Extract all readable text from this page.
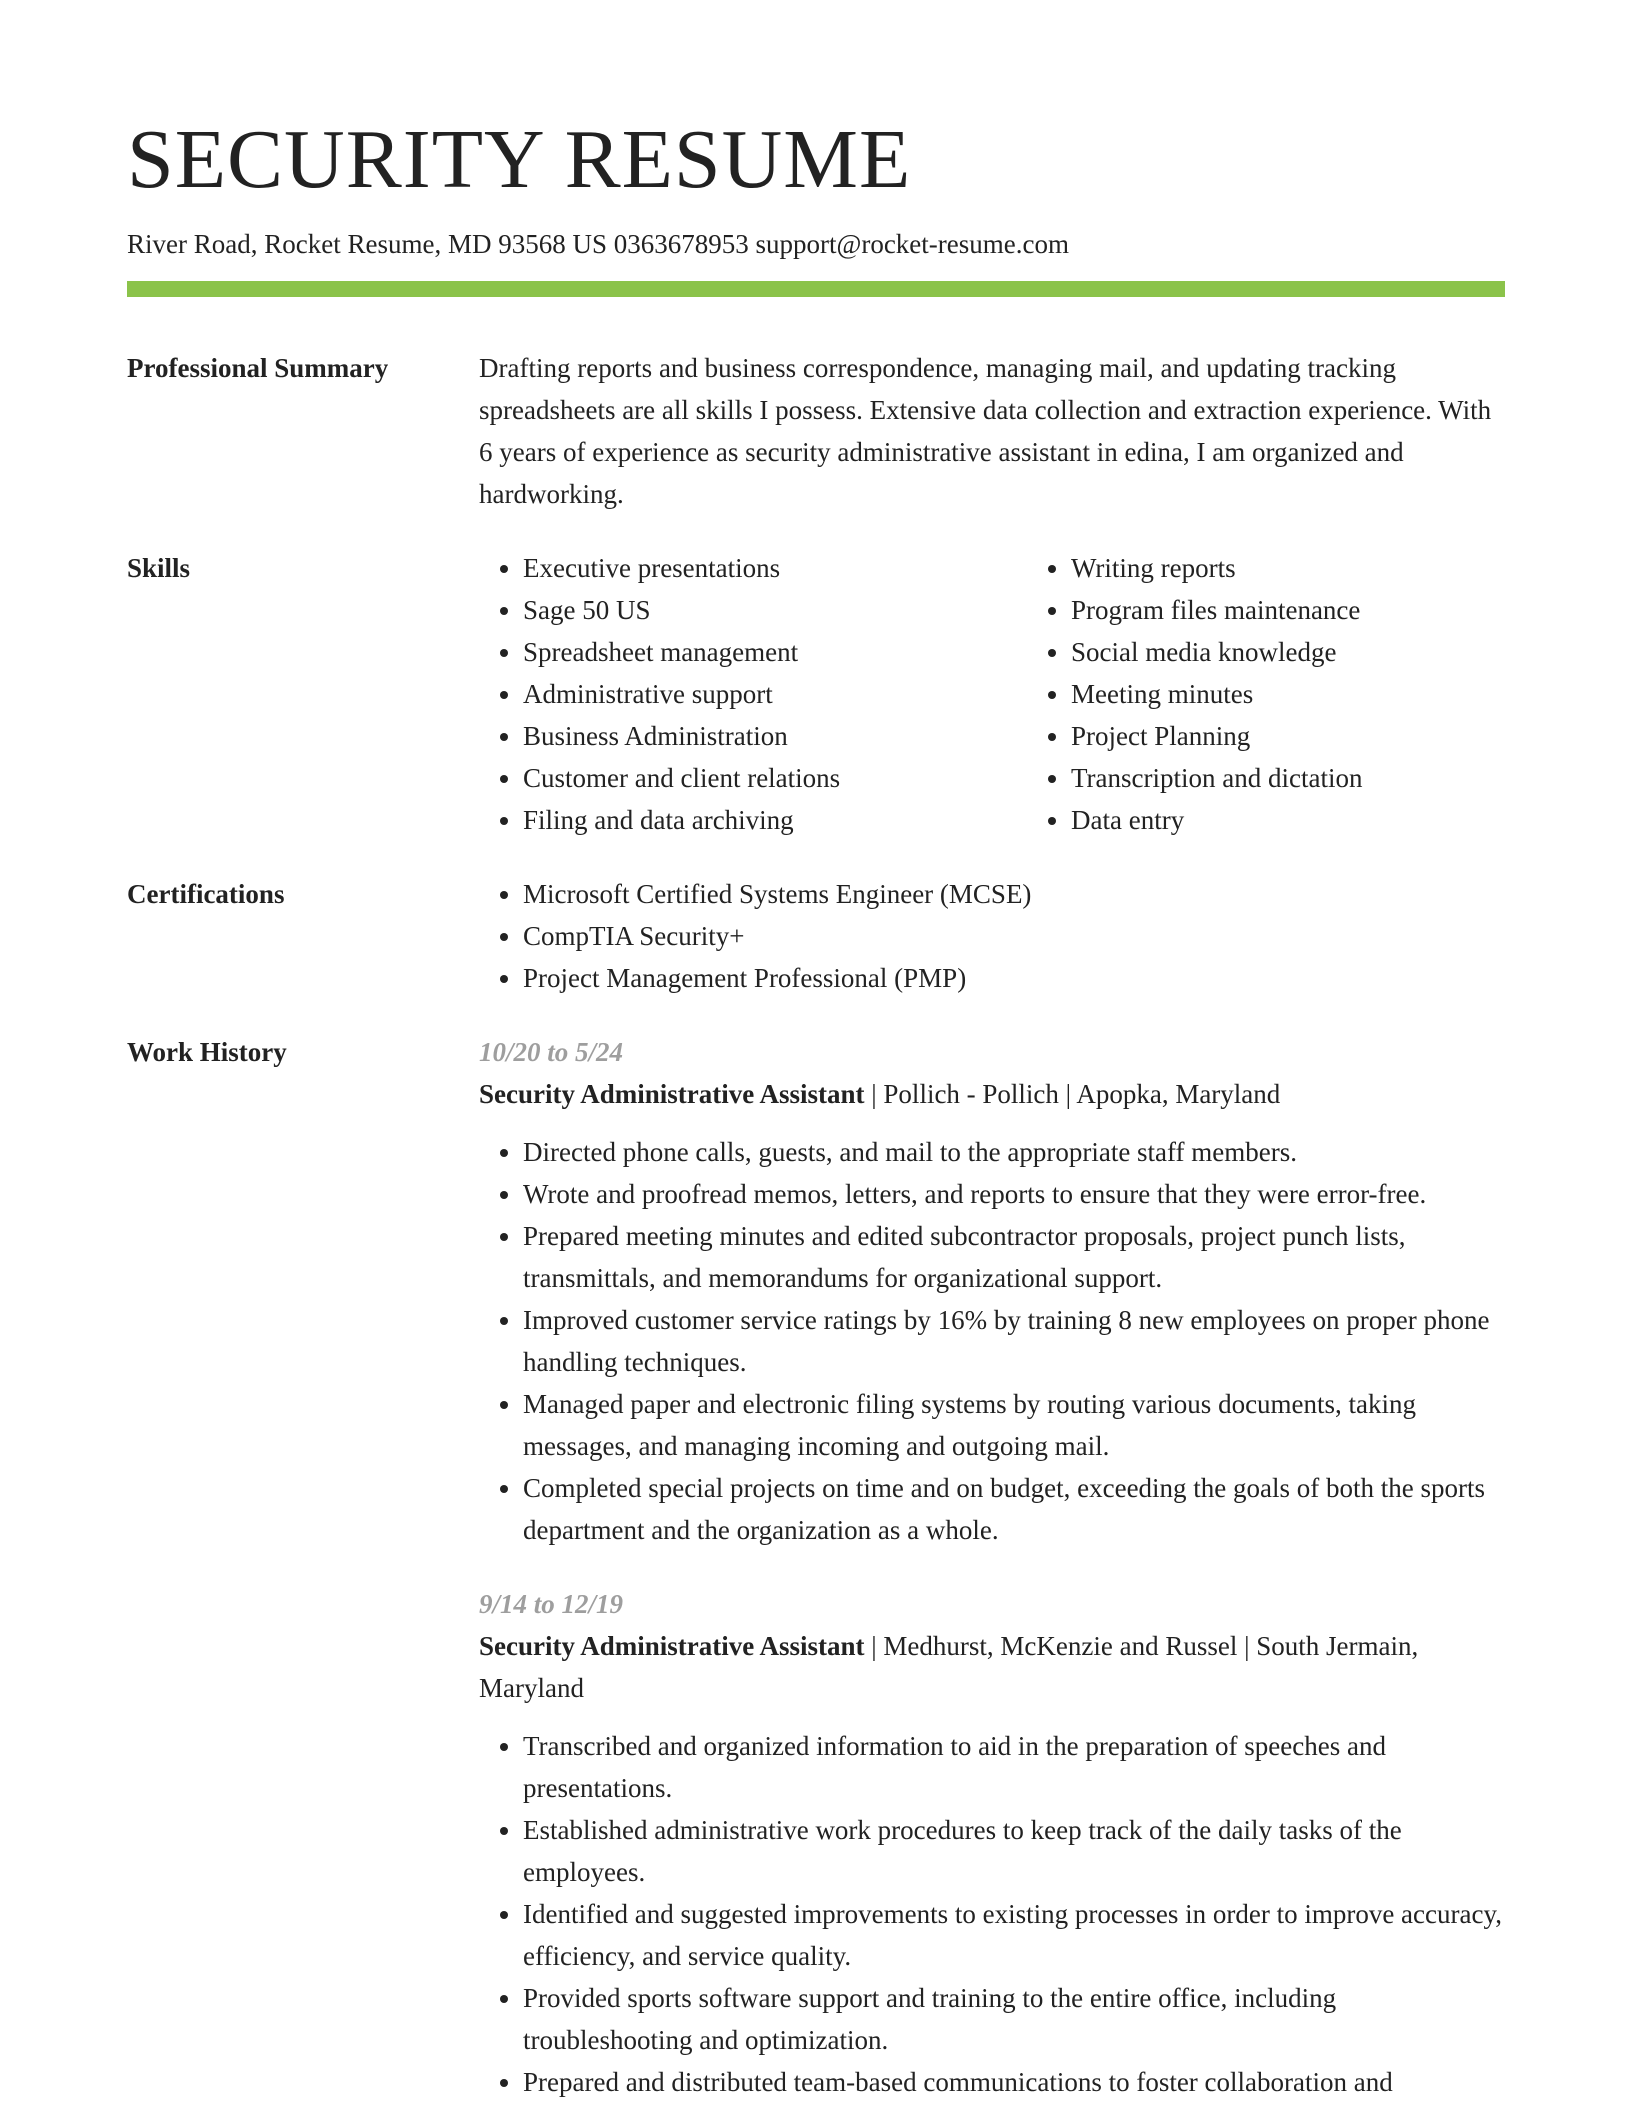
SECURITY RESUME
River Road, Rocket Resume, MD 93568 US 0363678953 support@rocket-resume.com
Professional Summary	Drafting reports and business correspondence, managing mail, and updating tracking spreadsheets are all skills I possess. Extensive data collection and extraction experience. With 6 years of experience as security administrative assistant in edina, I am organized and hardworking.
Skills	• Executive presentations
• Sage 50 US
• Spreadsheet management
• Administrative support
• Business Administration
• Customer and client relations
• Filing and data archiving
• Writing reports
• Program files maintenance
• Social media knowledge
• Meeting minutes
• Project Planning
• Transcription and dictation
• Data entry
Certifications	• Microsoft Certified Systems Engineer (MCSE)
• CompTIA Security+
• Project Management Professional (PMP)
Work History	10/20 to 5/24
Security Administrative Assistant | Pollich - Pollich | Apopka, Maryland
• Directed phone calls, guests, and mail to the appropriate staff members.
• Wrote and proofread memos, letters, and reports to ensure that they were error-free.
• Prepared meeting minutes and edited subcontractor proposals, project punch lists, transmittals, and memorandums for organizational support.
• Improved customer service ratings by 16% by training 8 new employees on proper phone handling techniques.
• Managed paper and electronic filing systems by routing various documents, taking messages, and managing incoming and outgoing mail.
• Completed special projects on time and on budget, exceeding the goals of both the sports department and the organization as a whole.
9/14 to 12/19
Security Administrative Assistant | Medhurst, McKenzie and Russel | South Jermain, Maryland
• Transcribed and organized information to aid in the preparation of speeches and presentations.
• Established administrative work procedures to keep track of the daily tasks of the employees.
• Identified and suggested improvements to existing processes in order to improve accuracy, efficiency, and service quality.
• Provided sports software support and training to the entire office, including troubleshooting and optimization.
• Prepared and distributed team-based communications to foster collaboration and
